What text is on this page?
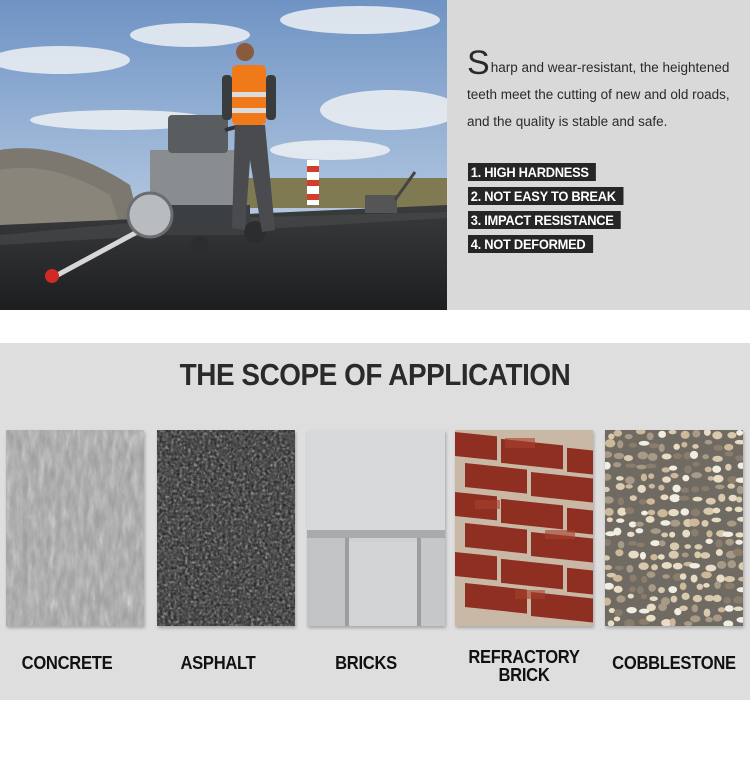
Sharp and wear-resistant, the heightened teeth meet the cutting of new and old roads, and the quality is stable and safe.

1. HIGH HARDNESS
2. NOT EASY TO BREAK
3. IMPACT RESISTANCE
4. NOT DEFORMED
THE SCOPE OF APPLICATION
CONCRETE	ASPHALT	BRICKS	REFRACTORY
BRICK
COBBLESTONE
